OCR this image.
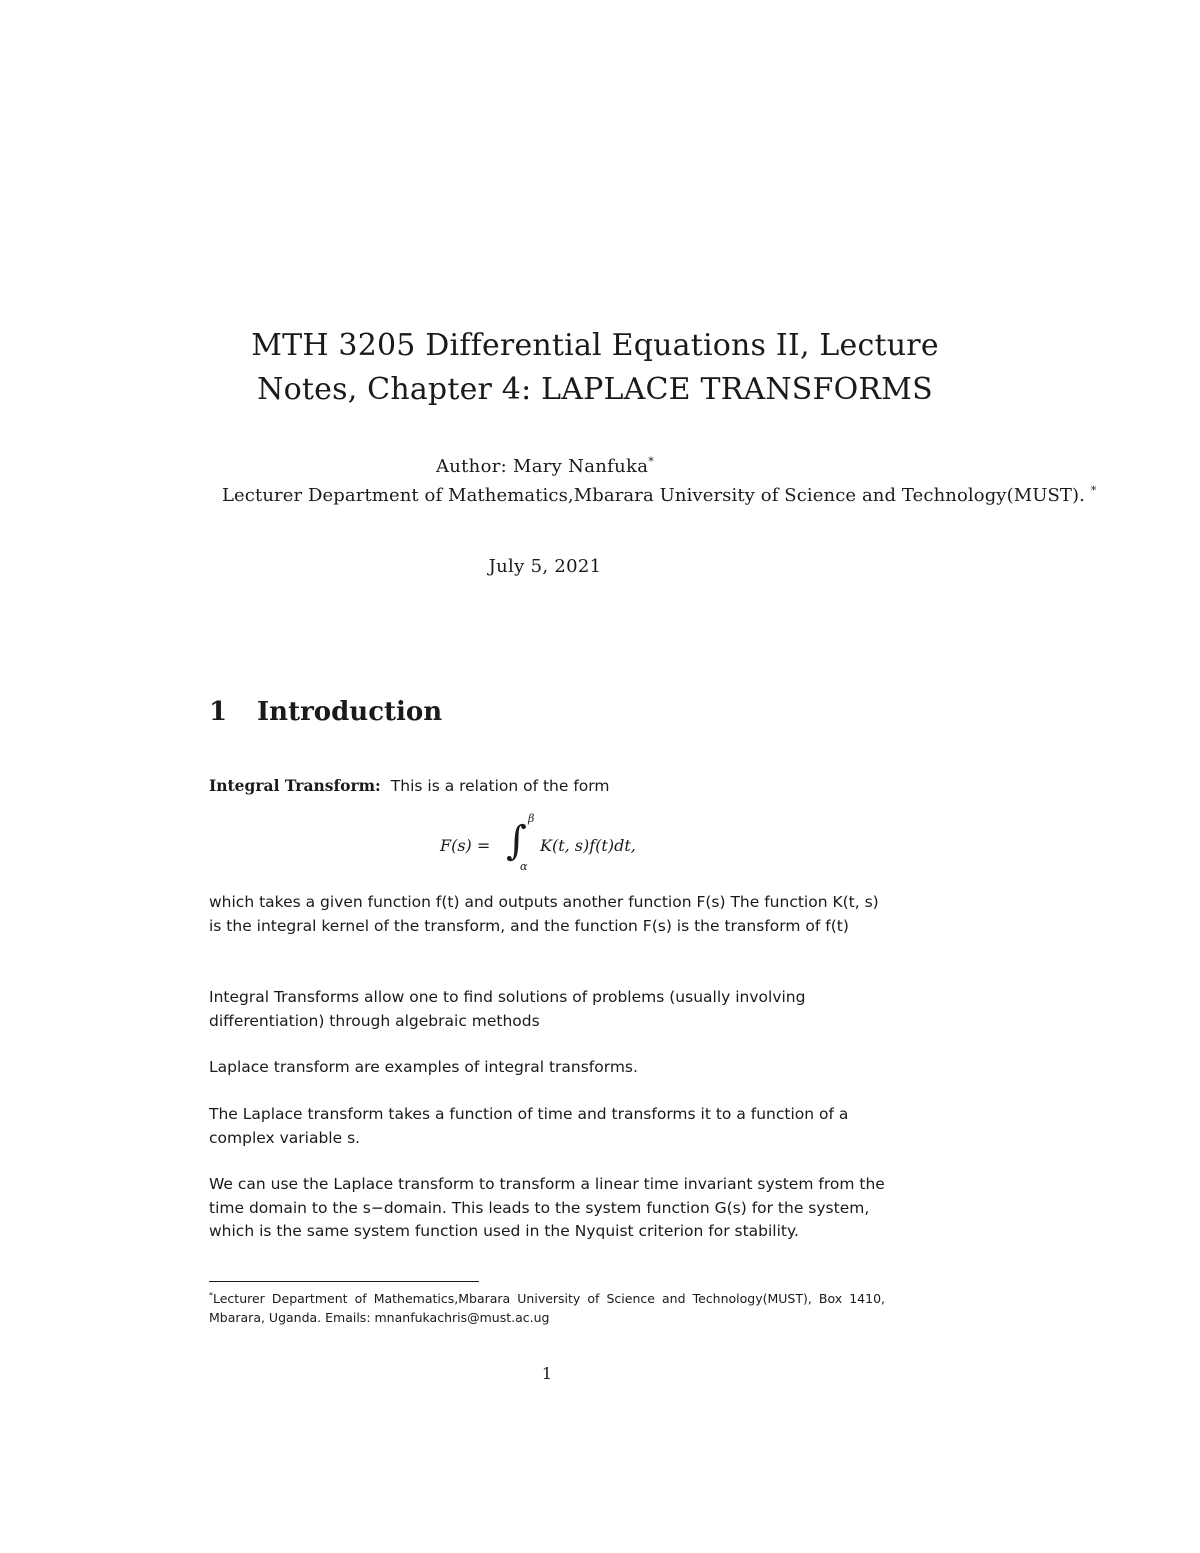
MTH 3205 Differential Equations II, Lecture
Notes, Chapter 4: LAPLACE TRANSFORMS
Author: Mary Nanfuka*
Lecturer Department of Mathematics,Mbarara University of Science and Technology(MUST). *
July 5, 2021
1 Introduction
Integral Transform: This is a relation of the form
F(s) = ∫ β
α
K(t, s)f(t)dt,
which takes a given function f(t) and outputs another function F(s) The function K(t, s) is the integral kernel of the transform, and the function F(s) is the transform of f(t)
Integral Transforms allow one to find solutions of problems (usually involving differentiation) through algebraic methods
Laplace transform are examples of integral transforms.
The Laplace transform takes a function of time and transforms it to a function of a complex variable s.
We can use the Laplace transform to transform a linear time invariant system from the time domain to the s−domain. This leads to the system function G(s) for the system, which is the same system function used in the Nyquist criterion for stability.
*Lecturer Department of Mathematics,Mbarara University of Science and Technology(MUST), Box 1410, Mbarara, Uganda. Emails: mnanfukachris@must.ac.ug
1
